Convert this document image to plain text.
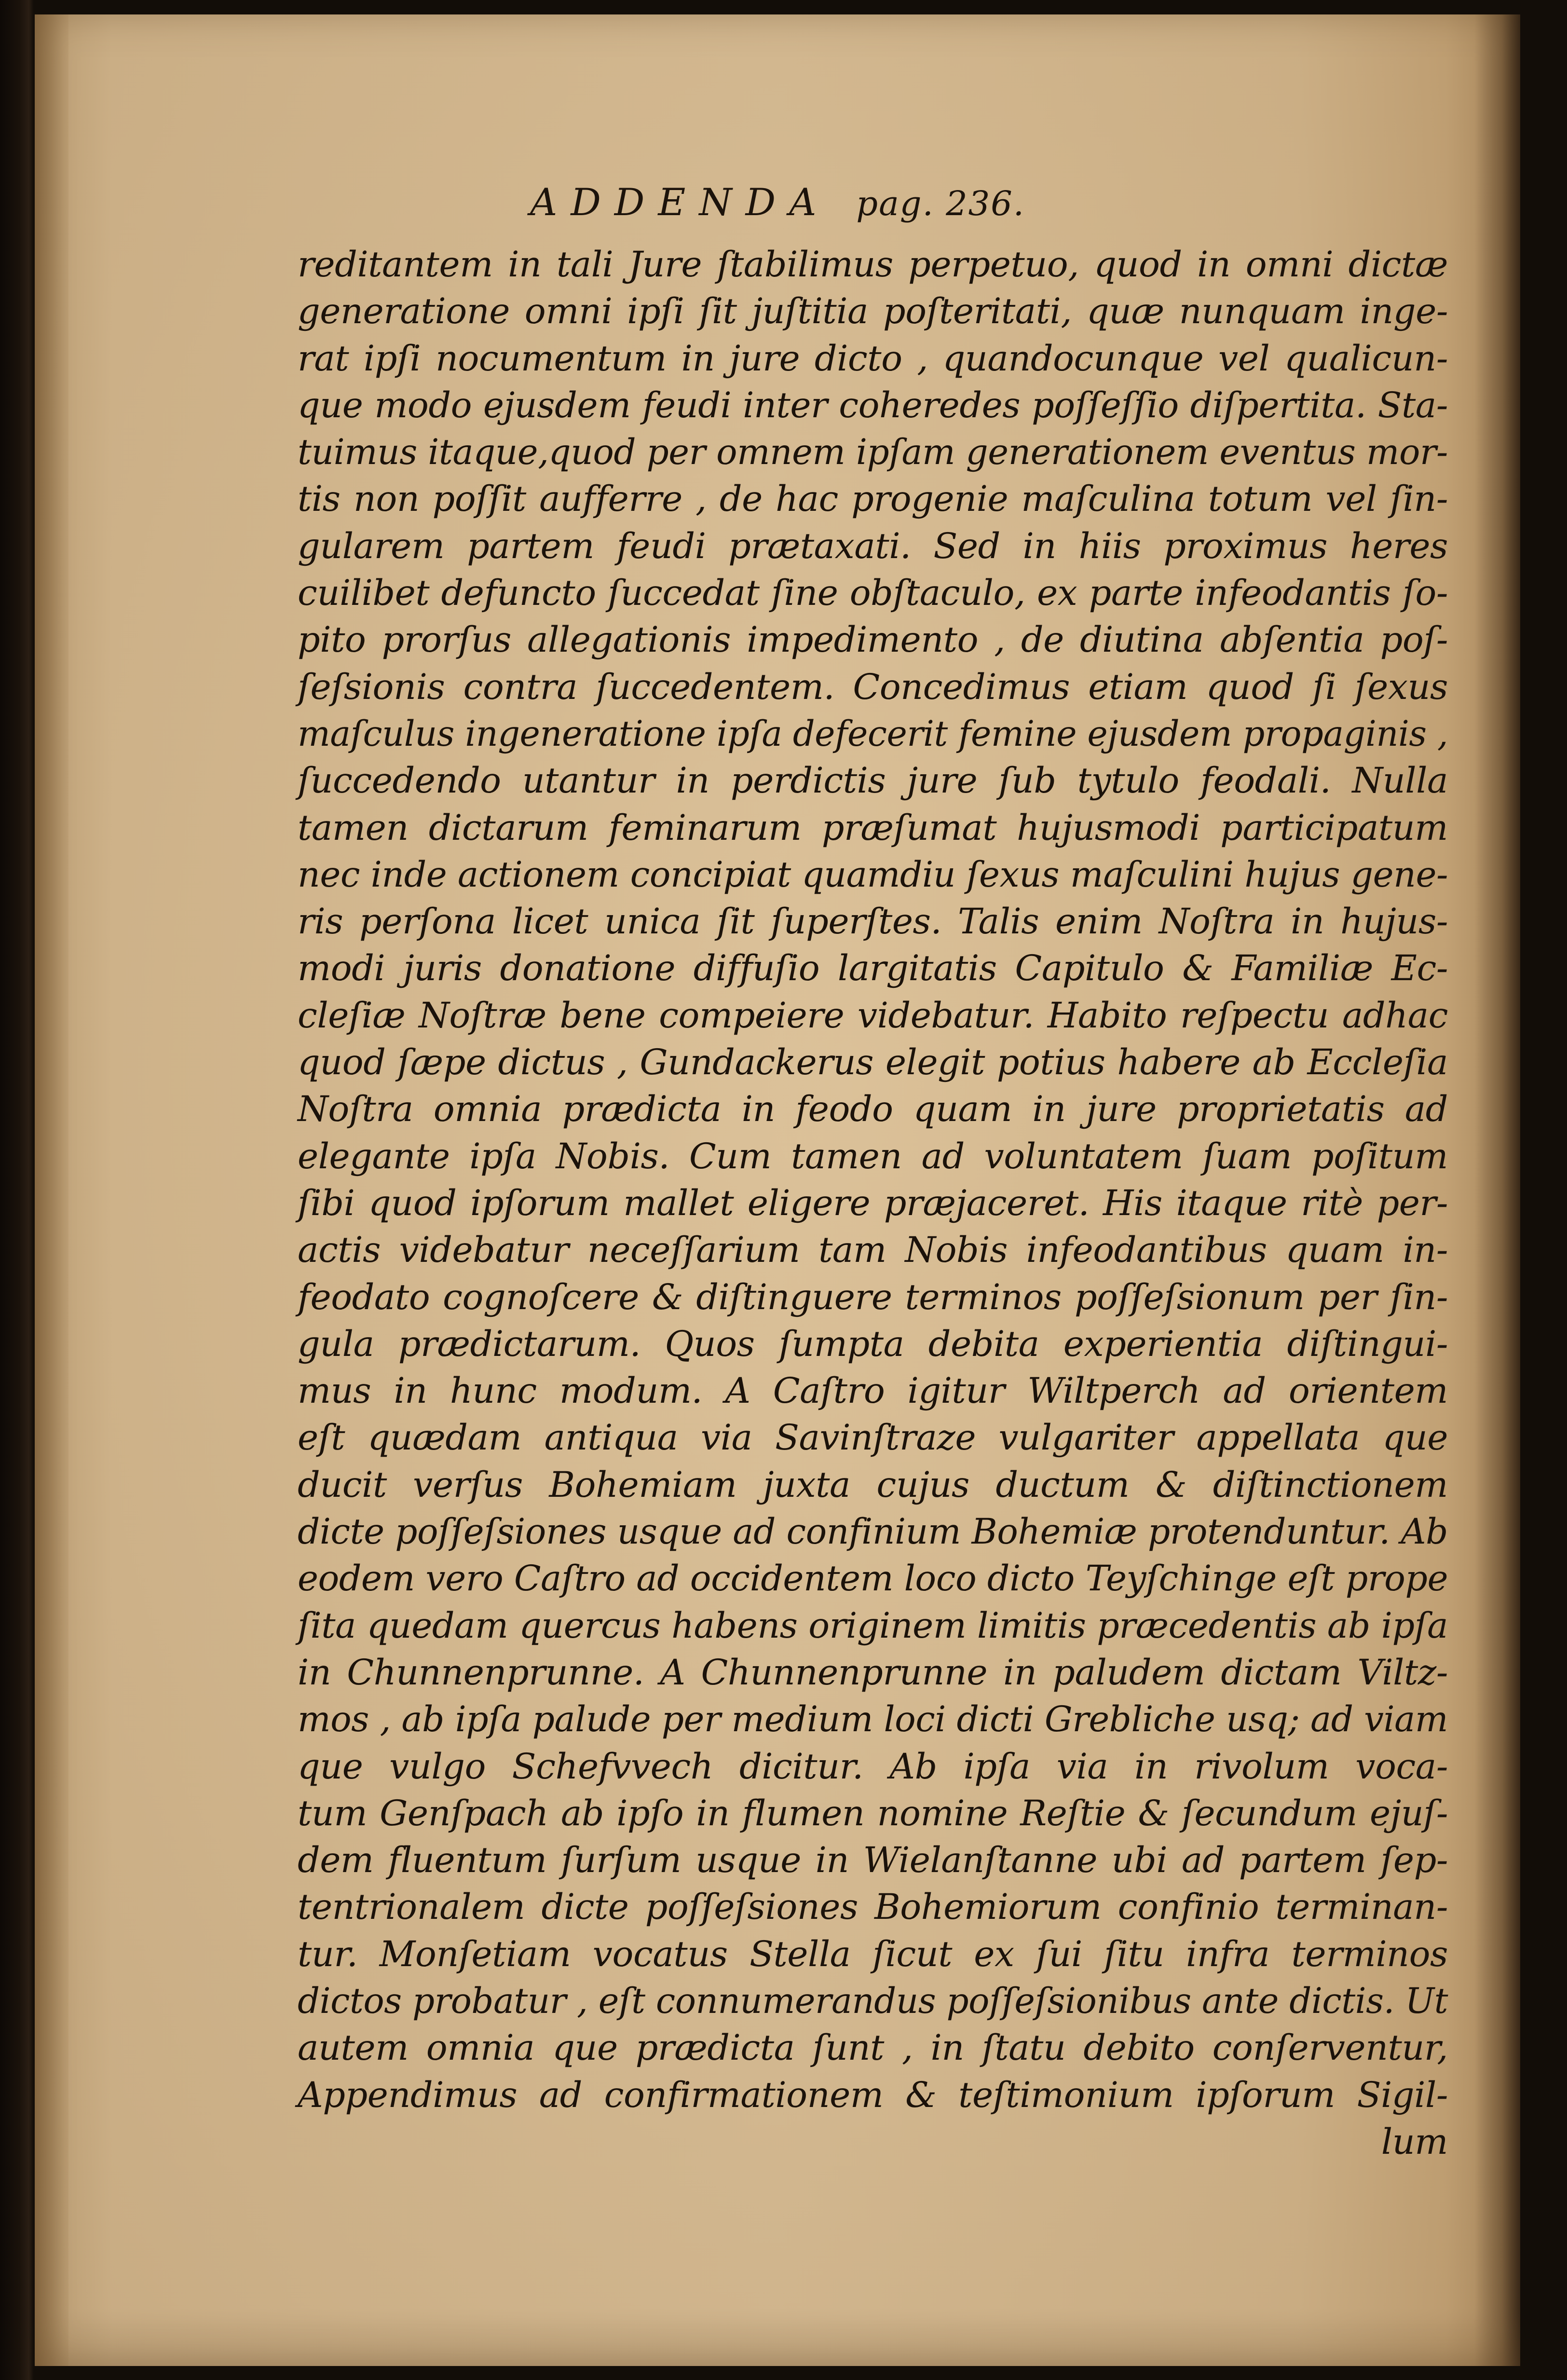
ADDENDA pag. 236.
reditantem in tali Jure ſtabilimus perpetuo, quod in omni dictæ
generatione omni ipſi ſit juſtitia poſteritati, quæ nunquam inge-
rat ipſi nocumentum in jure dicto , quandocunque vel qualicun-
que modo ejusdem feudi inter coheredes poſſeſſio diſpertita. Sta-
tuimus itaque,quod per omnem ipſam generationem eventus mor-
tis non poſſit aufferre , de hac progenie maſculina totum vel ſin-
gularem partem feudi prætaxati. Sed in hiis proximus heres
cuilibet defuncto ſuccedat ſine obſtaculo, ex parte infeodantis ſo-
pito prorſus allegationis impedimento , de diutina abſentia poſ-
ſeſsionis contra ſuccedentem. Concedimus etiam quod ſi ſexus
maſculus ingeneratione ipſa defecerit femine ejusdem propaginis ,
ſuccedendo utantur in perdictis jure ſub tytulo feodali. Nulla
tamen dictarum feminarum præſumat hujusmodi participatum
nec inde actionem concipiat quamdiu ſexus maſculini hujus gene-
ris perſona licet unica ſit ſuperſtes. Talis enim Noſtra in hujus-
modi juris donatione diffuſio largitatis Capitulo & Familiæ Ec-
cleſiæ Noſtræ bene compeiere videbatur. Habito reſpectu adhac
quod ſæpe dictus , Gundackerus elegit potius habere ab Eccleſia
Noſtra omnia prædicta in feodo quam in jure proprietatis ad
elegante ipſa Nobis. Cum tamen ad voluntatem ſuam poſitum
ſibi quod ipſorum mallet eligere præjaceret. His itaque ritè per-
actis videbatur neceſſarium tam Nobis infeodantibus quam in-
feodato cognoſcere & diſtinguere terminos poſſeſsionum per ſin-
gula prædictarum. Quos ſumpta debita experientia diſtingui-
mus in hunc modum. A Caſtro igitur Wiltperch ad orientem
eſt quædam antiqua via Savinſtraze vulgariter appellata que
ducit verſus Bohemiam juxta cujus ductum & diſtinctionem
dicte poſſeſsiones usque ad confinium Bohemiæ protenduntur. Ab
eodem vero Caſtro ad occidentem loco dicto Teyſchinge eſt prope
ſita quedam quercus habens originem limitis præcedentis ab ipſa
in Chunnenprunne. A Chunnenprunne in paludem dictam Viltz-
mos , ab ipſa palude per medium loci dicti Grebliche usq; ad viam
que vulgo Schefvvech dicitur. Ab ipſa via in rivolum voca-
tum Genſpach ab ipſo in flumen nomine Reſtie & ſecundum ejuſ-
dem fluentum ſurſum usque in Wielanſtanne ubi ad partem ſep-
tentrionalem dicte poſſeſsiones Bohemiorum confinio terminan-
tur. Monſetiam vocatus Stella ſicut ex ſui ſitu infra terminos
dictos probatur , eſt connumerandus poſſeſsionibus ante dictis. Ut
autem omnia que prædicta ſunt , in ſtatu debito conſerventur,
Appendimus ad confirmationem & teſtimonium ipſorum Sigil-
lum
